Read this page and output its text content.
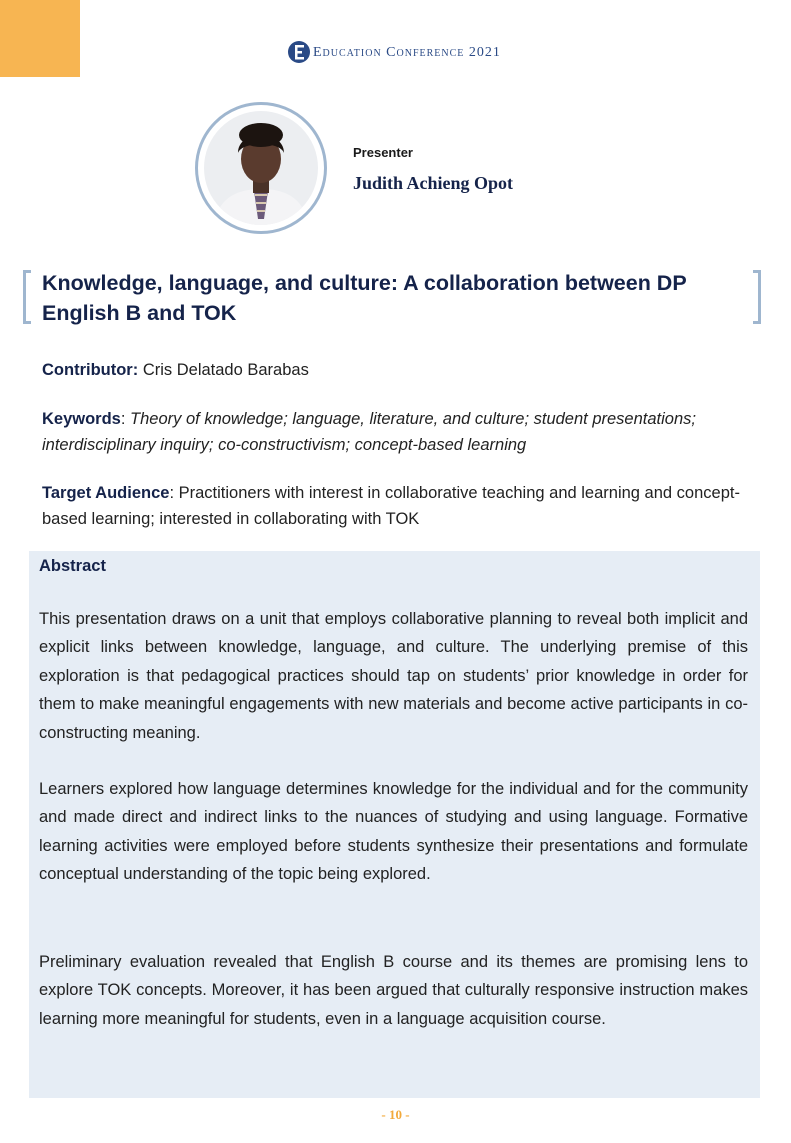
Education Conference 2021
Presenter
Judith Achieng Opot
Knowledge, language, and culture: A collaboration between DP English B and TOK
Contributor: Cris Delatado Barabas
Keywords: Theory of knowledge; language, literature, and culture; student presentations; interdisciplinary inquiry; co-constructivism; concept-based learning
Target Audience: Practitioners with interest in collaborative teaching and learning and concept-based learning; interested in collaborating with TOK
Abstract

This presentation draws on a unit that employs collaborative planning to reveal both implicit and explicit links between knowledge, language, and culture. The underlying premise of this exploration is that pedagogical practices should tap on students’ prior knowledge in order for them to make meaningful engagements with new materials and become active participants in co-constructing meaning.

Learners explored how language determines knowledge for the individual and for the community and made direct and indirect links to the nuances of studying and using language. Formative learning activities were employed before students synthesize their presentations and formulate conceptual understanding of the topic being explored.

Preliminary evaluation revealed that English B course and its themes are promising lens to explore TOK concepts. Moreover, it has been argued that culturally responsive instruction makes learning more meaningful for students, even in a language acquisition course.

- 10 -
